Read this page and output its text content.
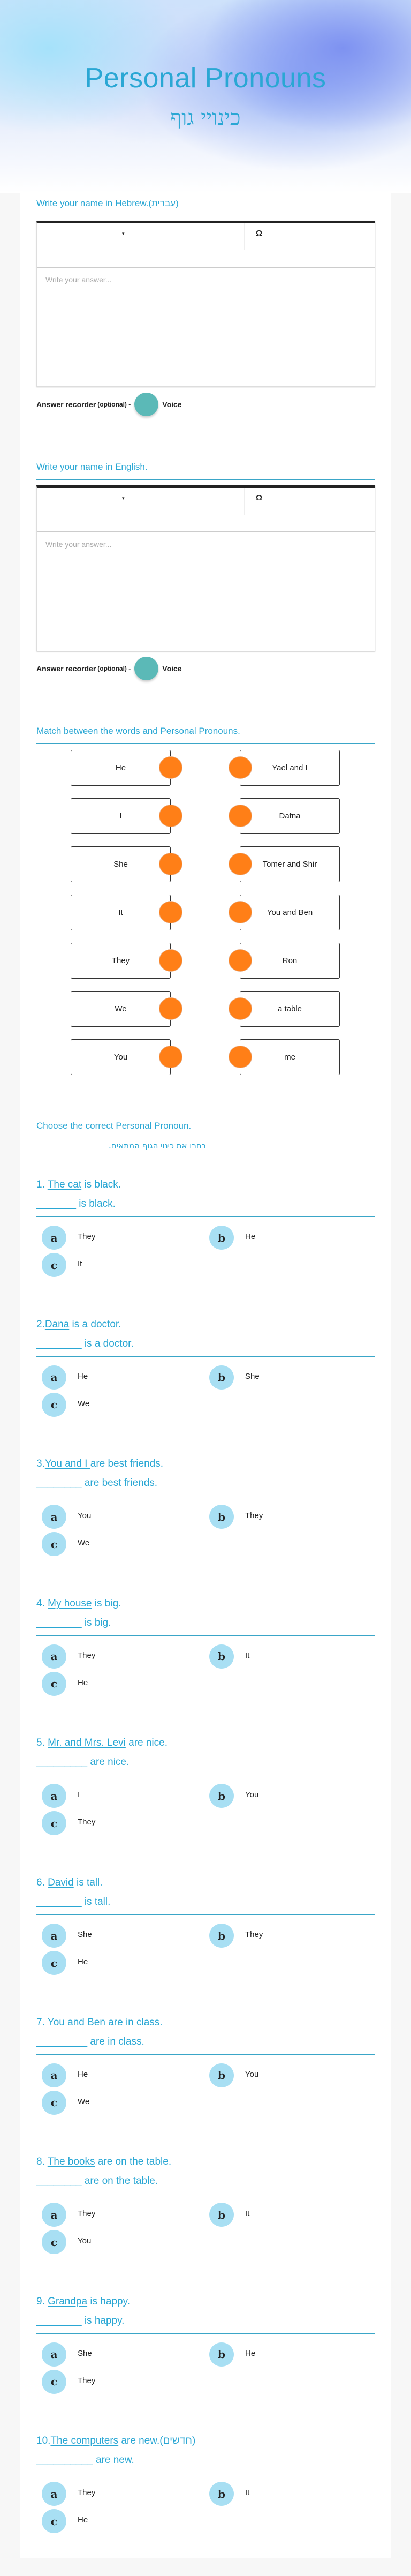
Personal Pronouns
כינויי גוף
Write your name in Hebrew.(עברית)
▾	Ω
Write your answer...
Answer recorder (optional) -	Voice
Write your name in English.
▾	Ω
Write your answer...
Answer recorder (optional) -	Voice
Match between the words and Personal Pronouns.
He	Yael and I
I	Dafna
She	Tomer and Shir
It	You and Ben
They	Ron
We	a table
You	me
Choose the correct Personal Pronoun.
בחרו את כינוי הגוף המתאים.
1. The cat is black.
_______ is black.
a	They	b	He
c	It
2.Dana is a doctor.
________ is a doctor.
a	He	b	She
c	We
3.You and I are best friends.
________ are best friends.
a	You	b	They
c	We
4. My house is big.
________ is big.
a	They	b	It
c	He
5. Mr. and Mrs. Levi are nice.
_________ are nice.
a	I	b	You
c	They
6. David is tall.
________ is tall.
a	She	b	They
c	He
7. You and Ben are in class.
_________ are in class.
a	He	b	You
c	We
8. The books are on the table.
________ are on the table.
a	They	b	It
c	You
9. Grandpa is happy.
________ is happy.
a	She	b	He
c	They
10.The computers are new.(חדשים)
__________ are new.
a	They	b	It
c	He
